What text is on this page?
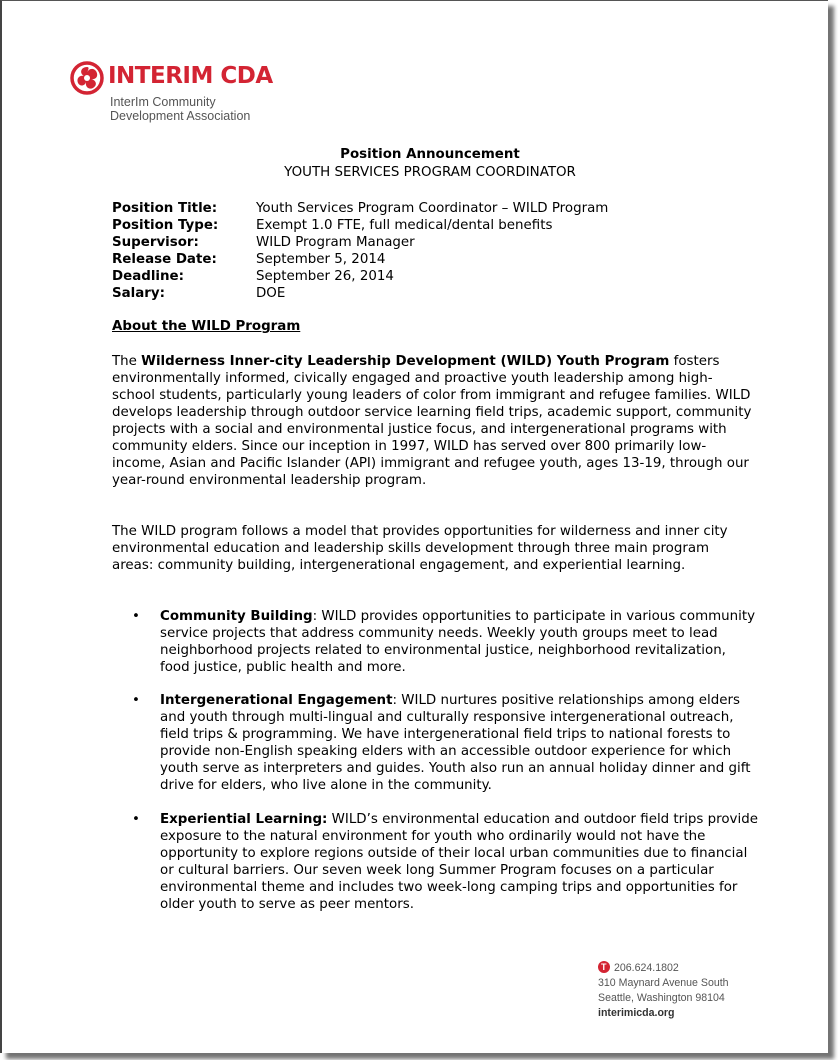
INTERIM CDA
InterIm Community
Development Association
Position Announcement
YOUTH SERVICES PROGRAM COORDINATOR
Position Title:	Youth Services Program Coordinator – WILD Program
Position Type:	Exempt 1.0 FTE, full medical/dental benefits
Supervisor:	WILD Program Manager
Release Date:	September 5, 2014
Deadline:	September 26, 2014
Salary:	DOE
About the WILD Program
The Wilderness Inner-city Leadership Development (WILD) Youth Program fosters environmentally informed, civically engaged and proactive youth leadership among high-school students, particularly young leaders of color from immigrant and refugee families. WILD develops leadership through outdoor service learning field trips, academic support, community projects with a social and environmental justice focus, and intergenerational programs with community elders. Since our inception in 1997, WILD has served over 800 primarily low-income, Asian and Pacific Islander (API) immigrant and refugee youth, ages 13-19, through our year-round environmental leadership program.
The WILD program follows a model that provides opportunities for wilderness and inner city environmental education and leadership skills development through three main program areas: community building, intergenerational engagement, and experiential learning.
• Community Building: WILD provides opportunities to participate in various community service projects that address community needs. Weekly youth groups meet to lead neighborhood projects related to environmental justice, neighborhood revitalization, food justice, public health and more.
• Intergenerational Engagement: WILD nurtures positive relationships among elders and youth through multi-lingual and culturally responsive intergenerational outreach, field trips & programming. We have intergenerational field trips to national forests to provide non-English speaking elders with an accessible outdoor experience for which youth serve as interpreters and guides. Youth also run an annual holiday dinner and gift drive for elders, who live alone in the community.
• Experiential Learning: WILD’s environmental education and outdoor field trips provide exposure to the natural environment for youth who ordinarily would not have the opportunity to explore regions outside of their local urban communities due to financial or cultural barriers. Our seven week long Summer Program focuses on a particular environmental theme and includes two week-long camping trips and opportunities for older youth to serve as peer mentors.
T206.624.1802
310 Maynard Avenue South
Seattle, Washington 98104
interimicda.org
